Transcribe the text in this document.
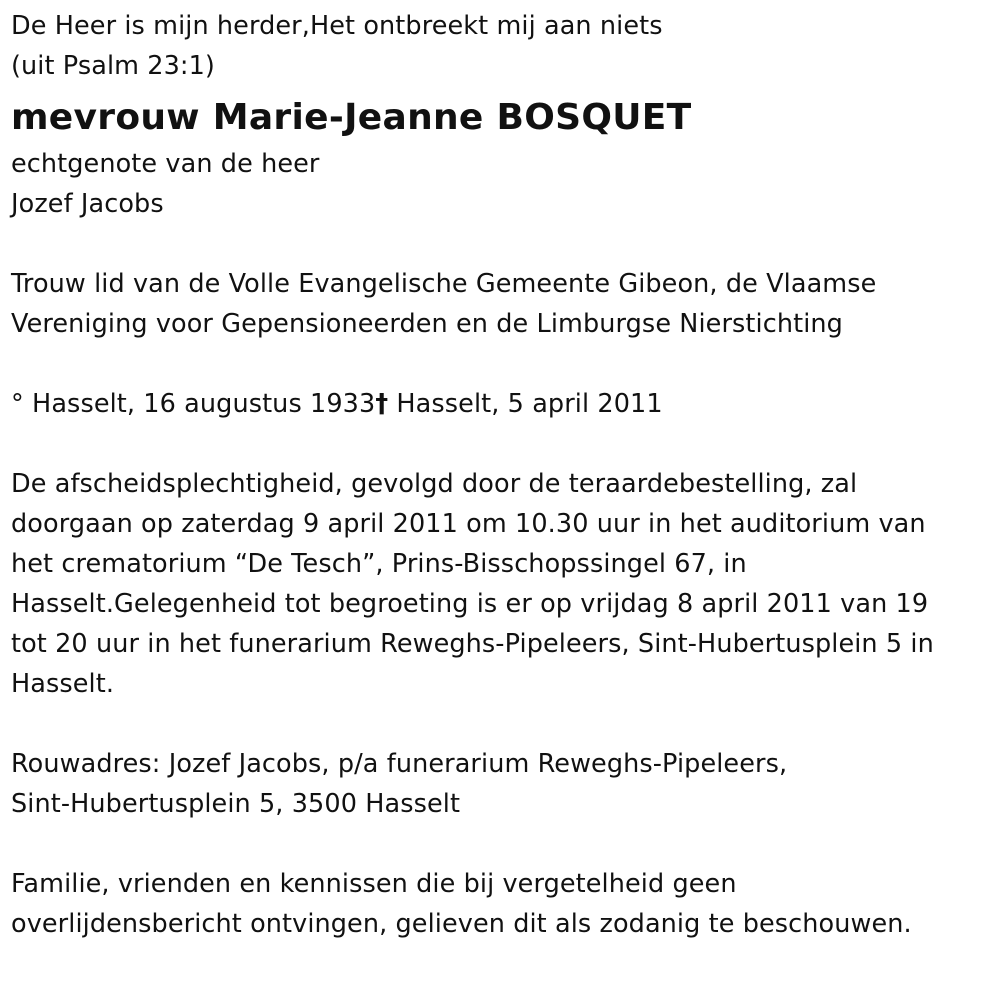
De Heer is mijn herder,Het ontbreekt mij aan niets
(uit Psalm 23:1)
mevrouw Marie-Jeanne BOSQUET
echtgenote van de heer
Jozef Jacobs
Trouw lid van de Volle Evangelische Gemeente Gibeon, de Vlaamse
Vereniging voor Gepensioneerden en de Limburgse Nierstichting
° Hasselt, 16 augustus 1933† Hasselt, 5 april 2011
De afscheidsplechtigheid, gevolgd door de teraardebestelling, zal
doorgaan op zaterdag 9 april 2011 om 10.30 uur in het auditorium van
het crematorium “De Tesch”, Prins-Bisschopssingel 67, in
Hasselt.Gelegenheid tot begroeting is er op vrijdag 8 april 2011 van 19
tot 20 uur in het funerarium Reweghs-Pipeleers, Sint-Hubertusplein 5 in
Hasselt.
Rouwadres: Jozef Jacobs, p/a funerarium Reweghs-Pipeleers,
Sint-Hubertusplein 5, 3500 Hasselt
Familie, vrienden en kennissen die bij vergetelheid geen
overlijdensbericht ontvingen, gelieven dit als zodanig te beschouwen.
